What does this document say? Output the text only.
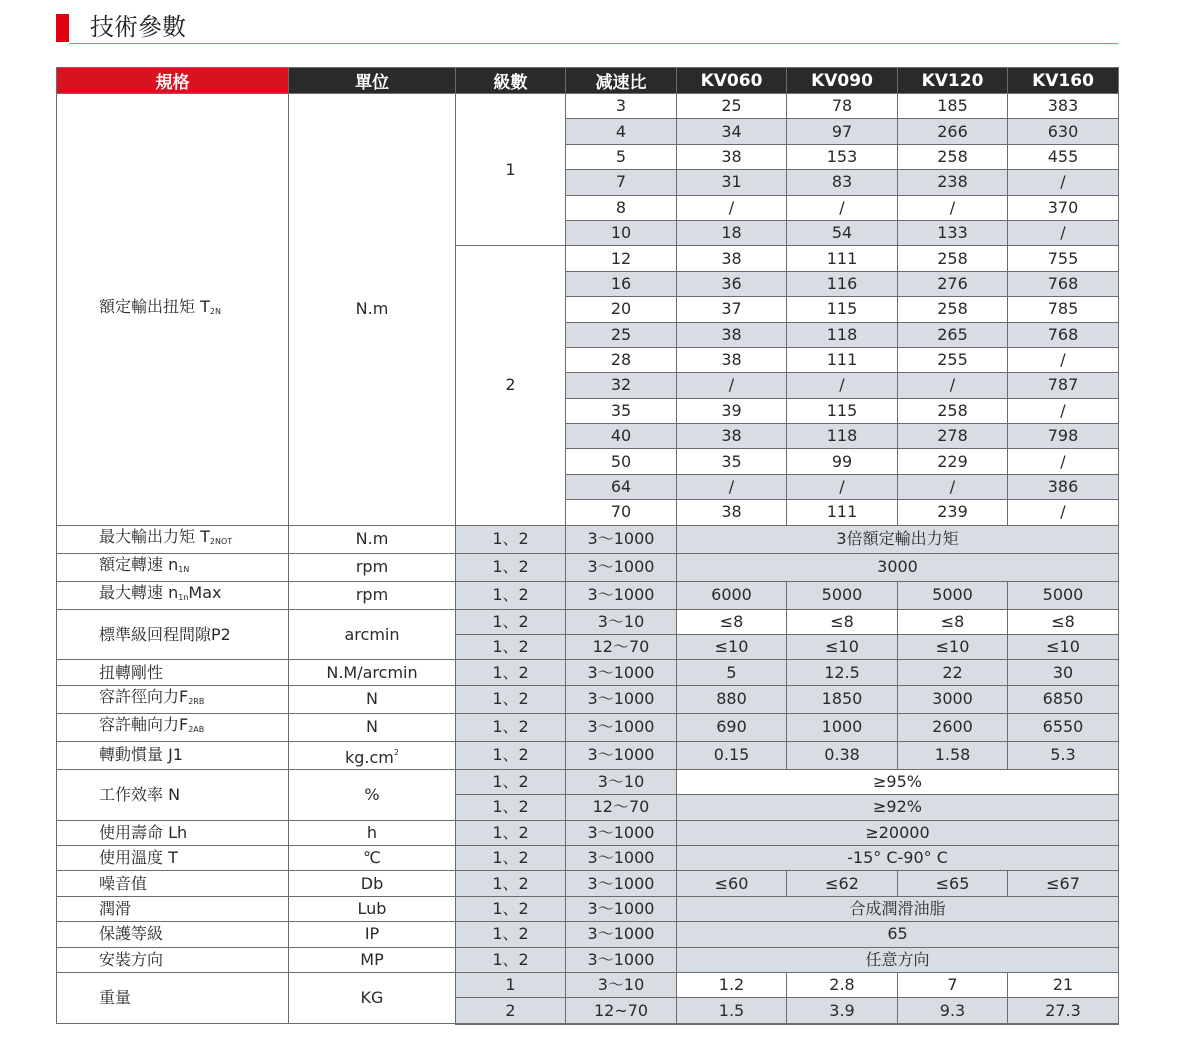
技術參數
規格	單位	級數	减速比	KV060	KV090	KV120	KV160
額定輸出扭矩 $T_{2N}$	N.m	1	3	25	78	185	383
			4	34	97	266	630
			5	38	153	258	455
			7	31	83	238	/
			8	/	/	/	370
			10	18	54	133	/
		2	12	38	111	258	755
			16	36	116	276	768
			20	37	115	258	785
			25	38	118	265	768
			28	38	111	255	/
			32	/	/	/	787
			35	39	115	258	/
			40	38	118	278	798
			50	35	99	229	/
			64	/	/	/	386
			70	38	111	239	/
最大輸出力矩 $T_{2NOT}$	N.m	1、2	3～1000	3倍額定輸出力矩			
額定轉速 $n_{1N}$	rpm	1、2	3～1000	3000			
最大轉速 $n_{1n}Max$	rpm	1、2	3～1000	6000	5000	5000	5000
標準級回程間隙P2	arcmin	1、2	3～10	≤8	≤8	≤8	≤8
		1、2	12～70	≤10	≤10	≤10	≤10
扭轉剛性	N.M/arcmin	1、2	3～1000	5	12.5	22	30
容許徑向力$F_{2RB}$	N	1、2	3～1000	880	1850	3000	6850
容許軸向力$F_{2AB}$	N	1、2	3～1000	690	1000	2600	6550
轉動慣量 J1	$kg.cm^2$	1、2	3～1000	0.15	0.38	1.58	5.3
工作效率 N	%	1、2	3～10	≥95%			
		1、2	12～70	≥92%			
使用壽命 Lh	h	1、2	3～1000	≥20000			
使用溫度 T	℃	1、2	3～1000	-15° C-90° C			
噪音值	Db	1、2	3～1000	≤60	≤62	≤65	≤67
潤滑	Lub	1、2	3～1000	合成潤滑油脂			
保護等級	IP	1、2	3～1000	65			
安裝方向	MP	1、2	3～1000	任意方向			
重量	KG	1	3～10	1.2	2.8	7	21
		2	12~70	1.5	3.9	9.3	27.3
